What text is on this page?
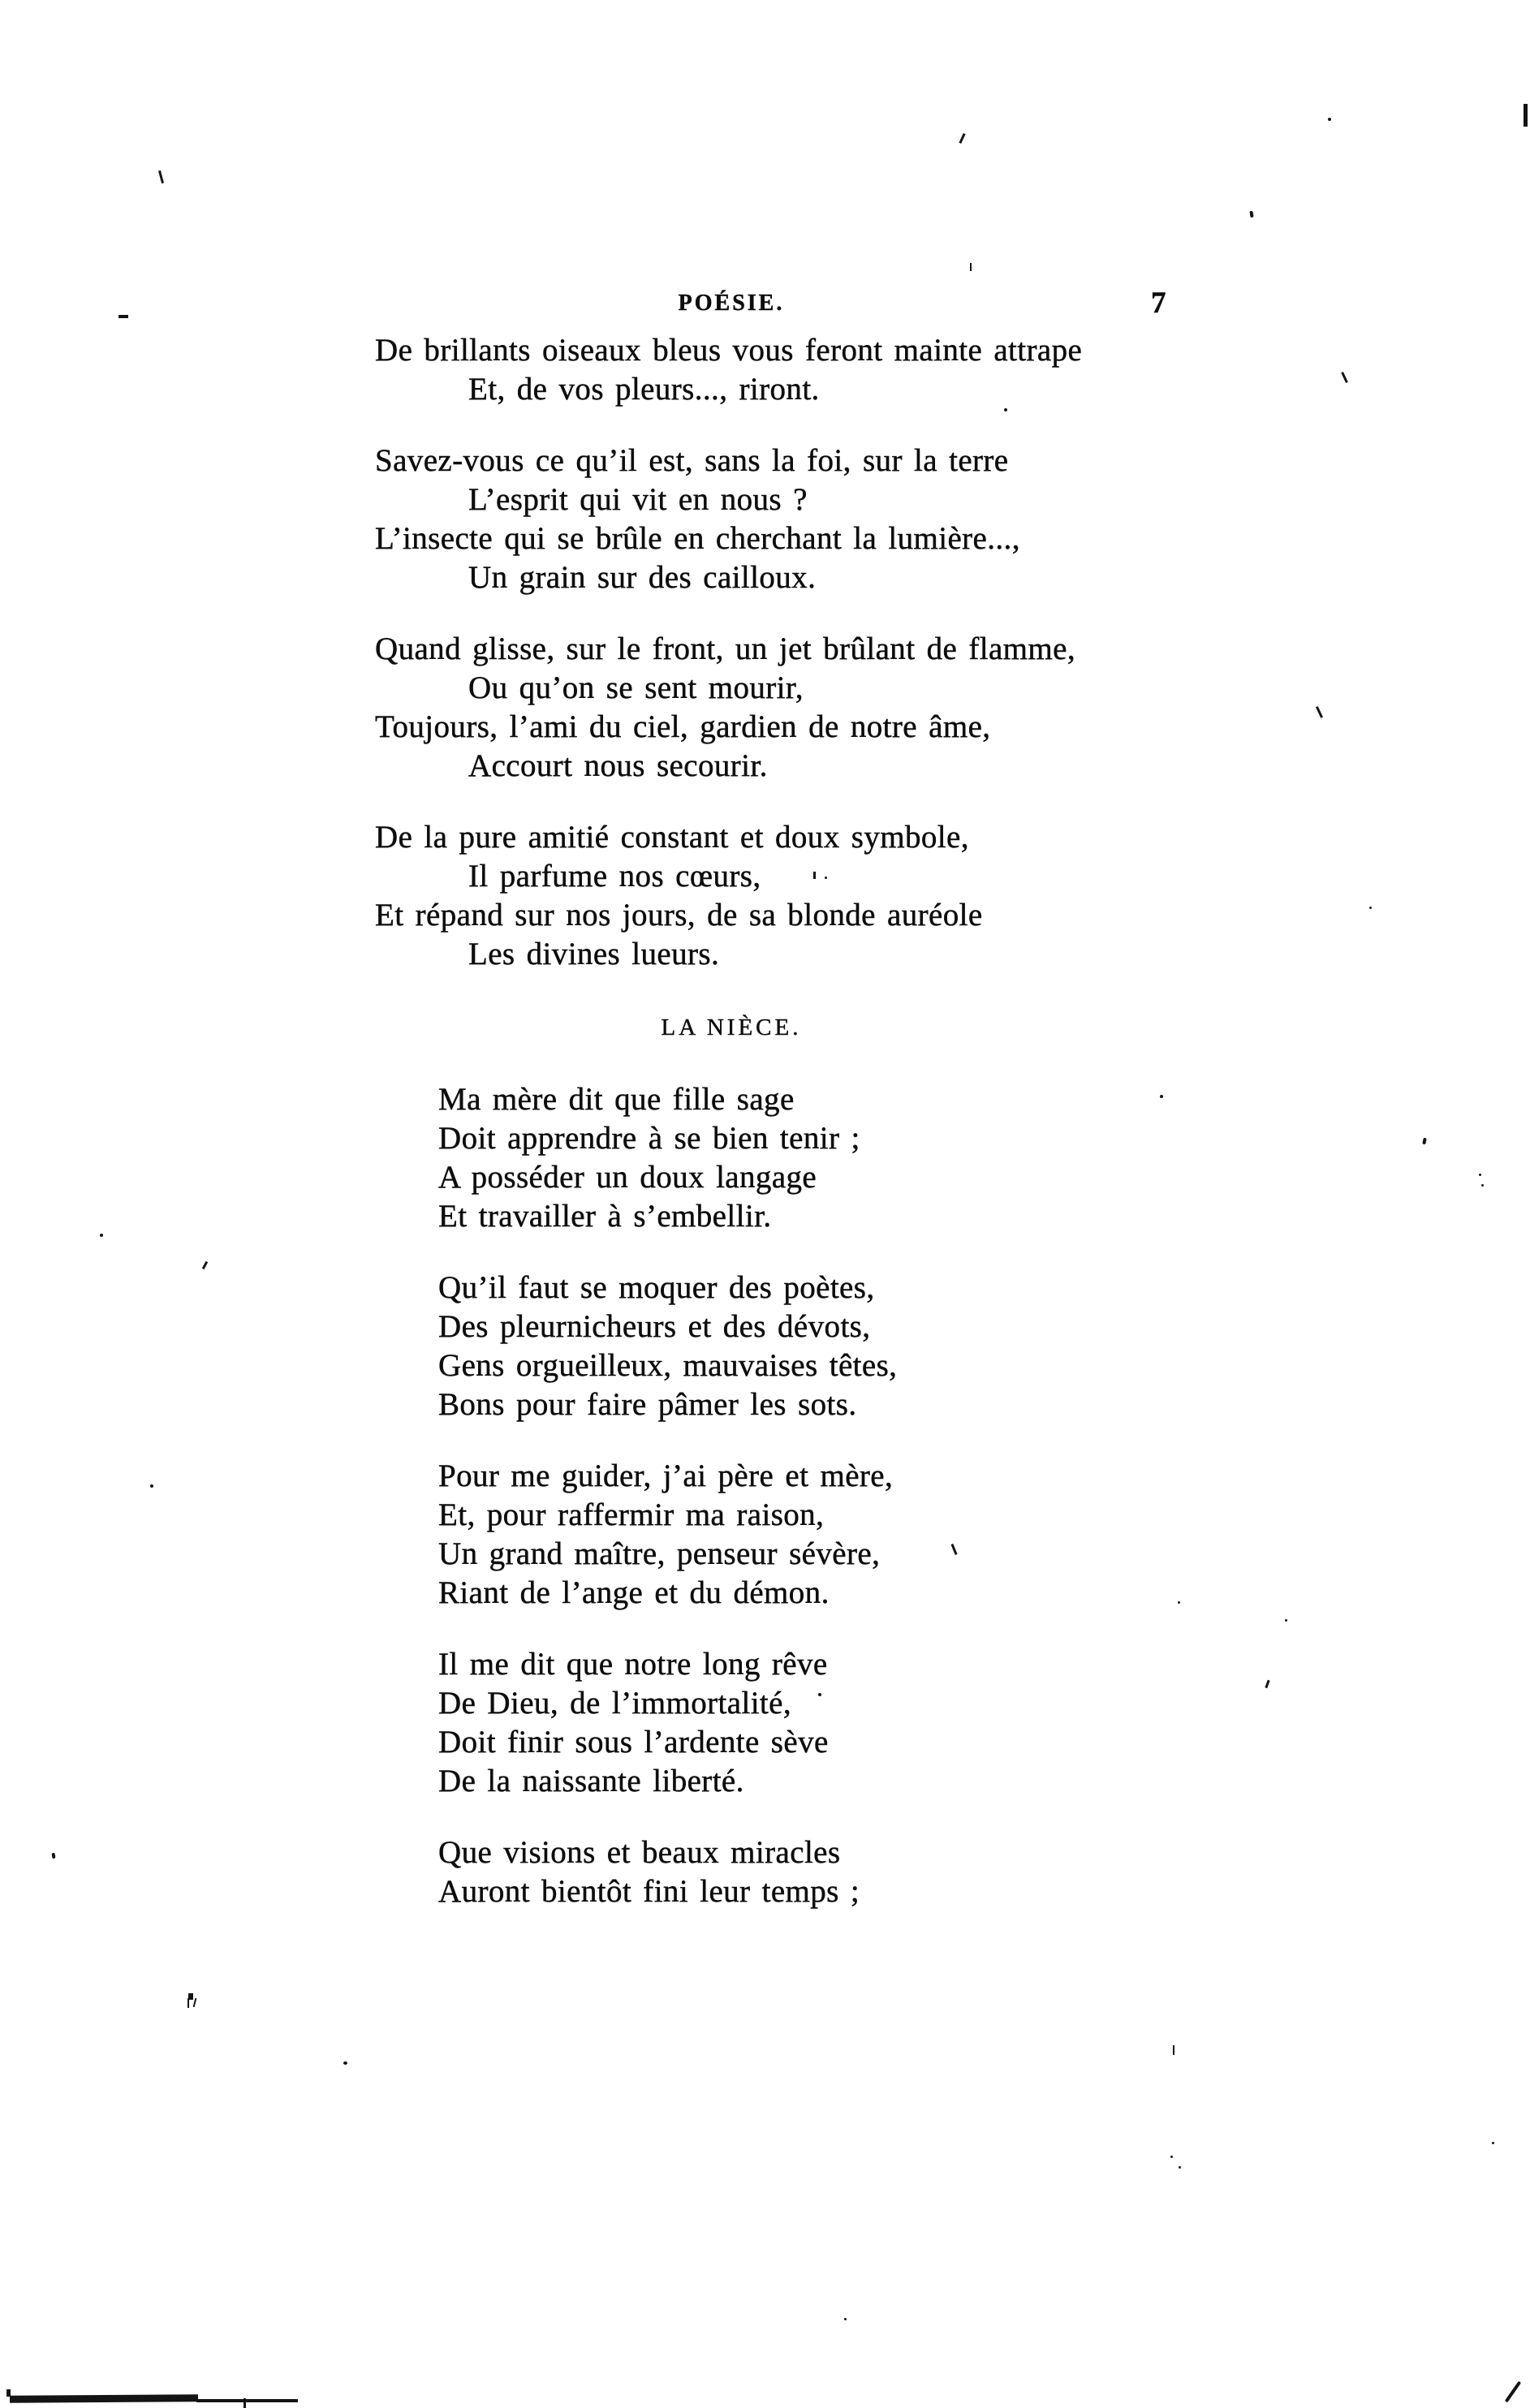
POÉSIE.	7
De brillants oiseaux bleus vous feront mainte attrape
Et, de vos pleurs..., riront.
Savez-vous ce qu’il est, sans la foi, sur la terre
L’esprit qui vit en nous ?
L’insecte qui se brûle en cherchant la lumière...,
Un grain sur des cailloux.
Quand glisse, sur le front, un jet brûlant de flamme,
Ou qu’on se sent mourir,
Toujours, l’ami du ciel, gardien de notre âme,
Accourt nous secourir.
De la pure amitié constant et doux symbole,
Il parfume nos cœurs,
Et répand sur nos jours, de sa blonde auréole
Les divines lueurs.
LA NIÈCE.
Ma mère dit que fille sage
Doit apprendre à se bien tenir ;
A posséder un doux langage
Et travailler à s’embellir.
Qu’il faut se moquer des poètes,
Des pleurnicheurs et des dévots,
Gens orgueilleux, mauvaises têtes,
Bons pour faire pâmer les sots.
Pour me guider, j’ai père et mère,
Et, pour raffermir ma raison,
Un grand maître, penseur sévère,
Riant de l’ange et du démon.
Il me dit que notre long rêve
De Dieu, de l’immortalité,
Doit finir sous l’ardente sève
De la naissante liberté.
Que visions et beaux miracles
Auront bientôt fini leur temps ;
